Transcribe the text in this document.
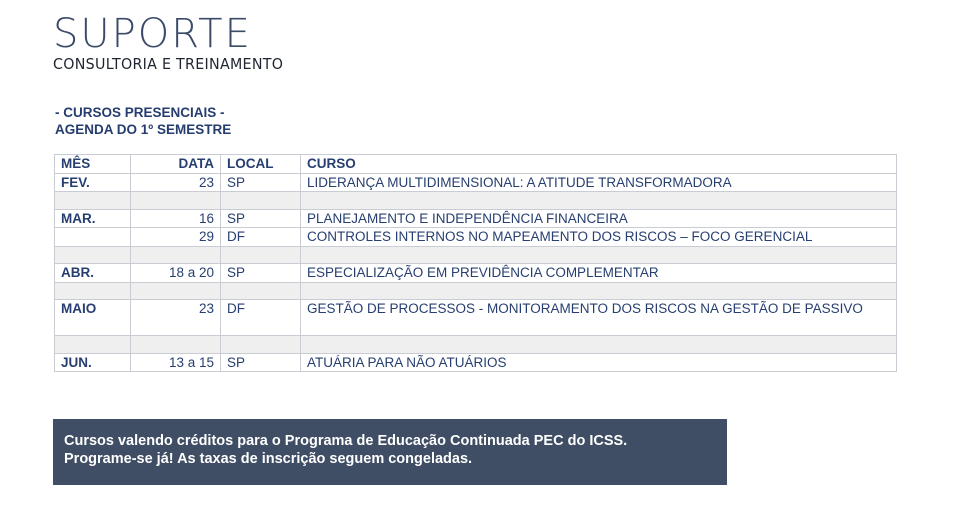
SUPORTE
CONSULTORIA E TREINAMENTO
- CURSOS PRESENCIAIS -
AGENDA DO 1º SEMESTRE
MÊS	DATA	LOCAL	CURSO
FEV.	23	SP	LIDERANÇA MULTIDIMENSIONAL: A ATITUDE TRANSFORMADORA

MAR.	16	SP	PLANEJAMENTO E INDEPENDÊNCIA FINANCEIRA
	29	DF	CONTROLES INTERNOS NO MAPEAMENTO DOS RISCOS – FOCO GERENCIAL

ABR.	18 a 20	SP	ESPECIALIZAÇÃO EM PREVIDÊNCIA COMPLEMENTAR

MAIO	23	DF	GESTÃO DE PROCESSOS - MONITORAMENTO DOS RISCOS NA GESTÃO DE PASSIVO

JUN.	13 a 15	SP	ATUÁRIA PARA NÃO ATUÁRIOS
Cursos valendo créditos para o Programa de Educação Continuada PEC do ICSS.
Programe-se já! As taxas de inscrição seguem congeladas.
